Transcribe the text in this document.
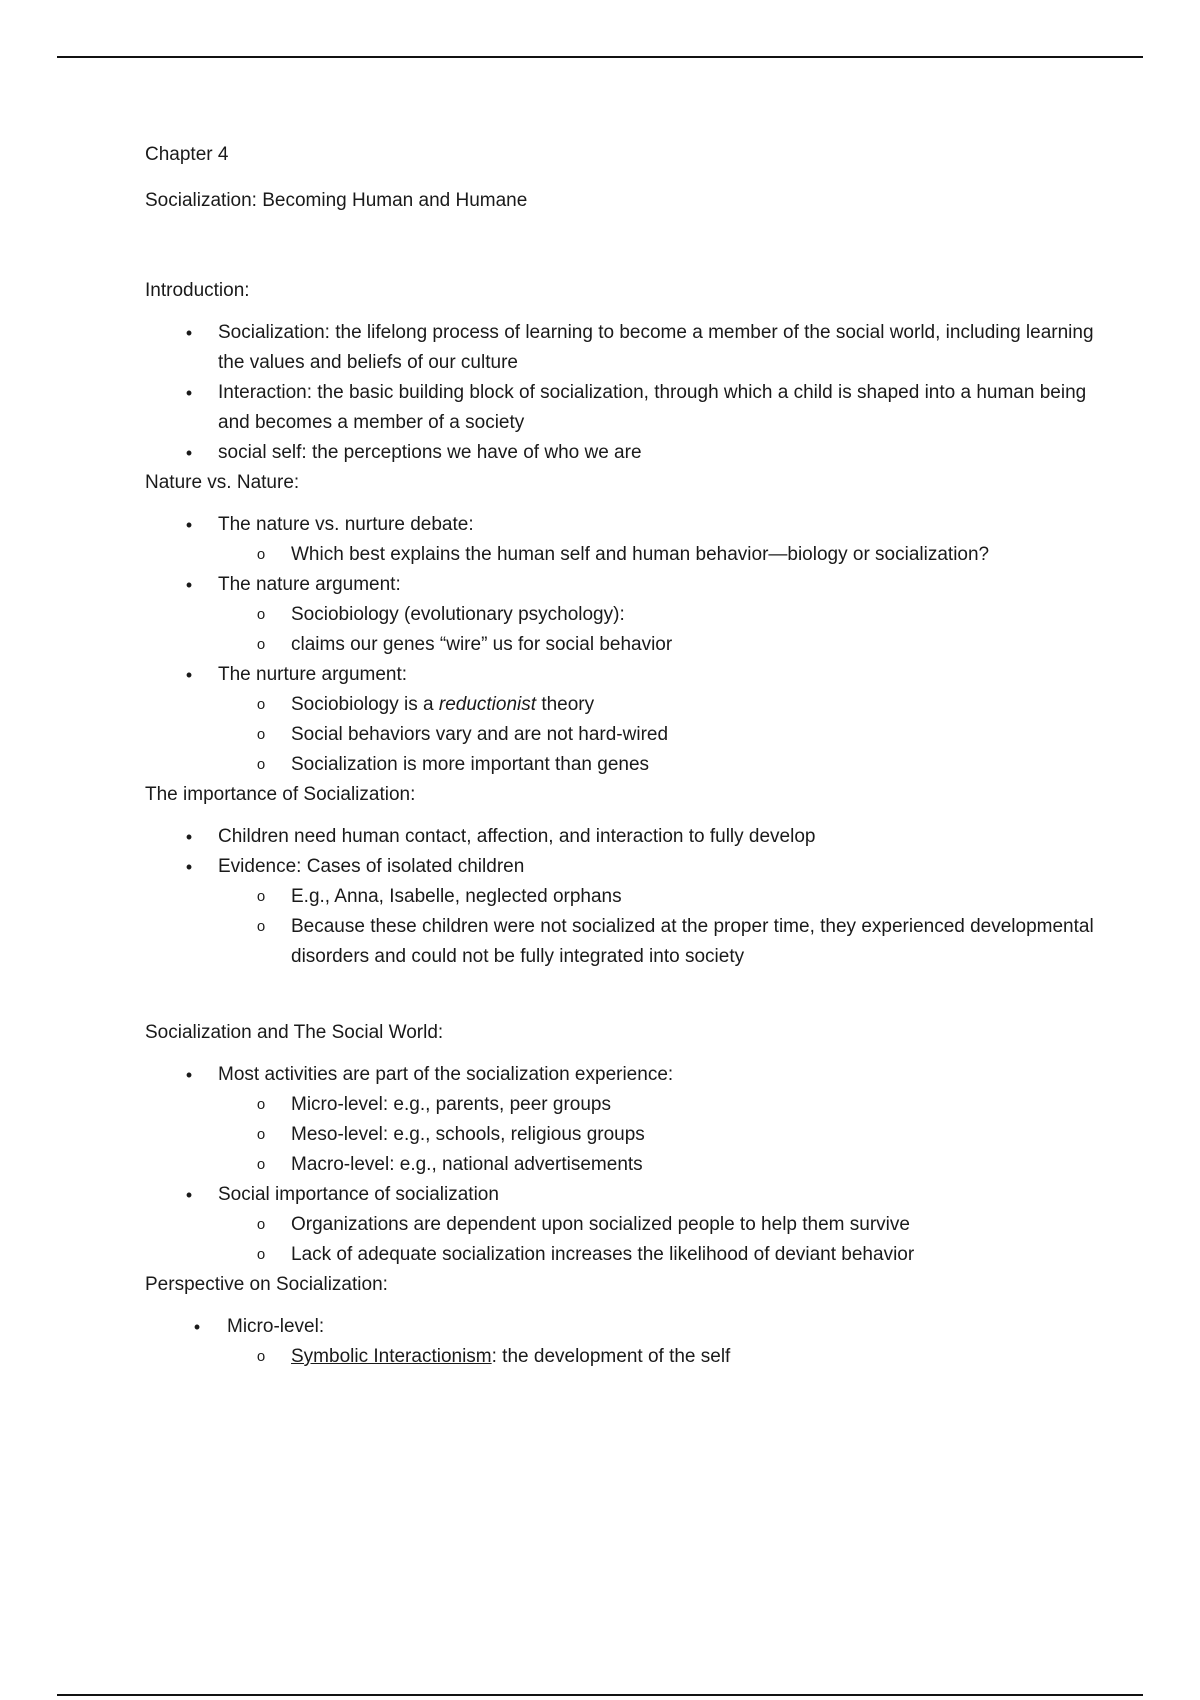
Chapter 4

Socialization: Becoming Human and Humane

Introduction:

• Socialization: the lifelong process of learning to become a member of the social world, including learning the values and beliefs of our culture
• Interaction: the basic building block of socialization, through which a child is shaped into a human being and becomes a member of a society
• social self: the perceptions we have of who we are

Nature vs. Nature:

• The nature vs. nurture debate:
o Which best explains the human self and human behavior—biology or socialization?
• The nature argument:
o Sociobiology (evolutionary psychology):
o claims our genes “wire” us for social behavior
• The nurture argument:
o Sociobiology is a reductionist theory
o Social behaviors vary and are not hard-wired
o Socialization is more important than genes

The importance of Socialization:

• Children need human contact, affection, and interaction to fully develop
• Evidence: Cases of isolated children
o E.g., Anna, Isabelle, neglected orphans
o Because these children were not socialized at the proper time, they experienced developmental disorders and could not be fully integrated into society

Socialization and The Social World:

• Most activities are part of the socialization experience:
o Micro-level: e.g., parents, peer groups
o Meso-level: e.g., schools, religious groups
o Macro-level: e.g., national advertisements
• Social importance of socialization
o Organizations are dependent upon socialized people to help them survive
o Lack of adequate socialization increases the likelihood of deviant behavior

Perspective on Socialization:

• Micro-level:
o Symbolic Interactionism: the development of the self
